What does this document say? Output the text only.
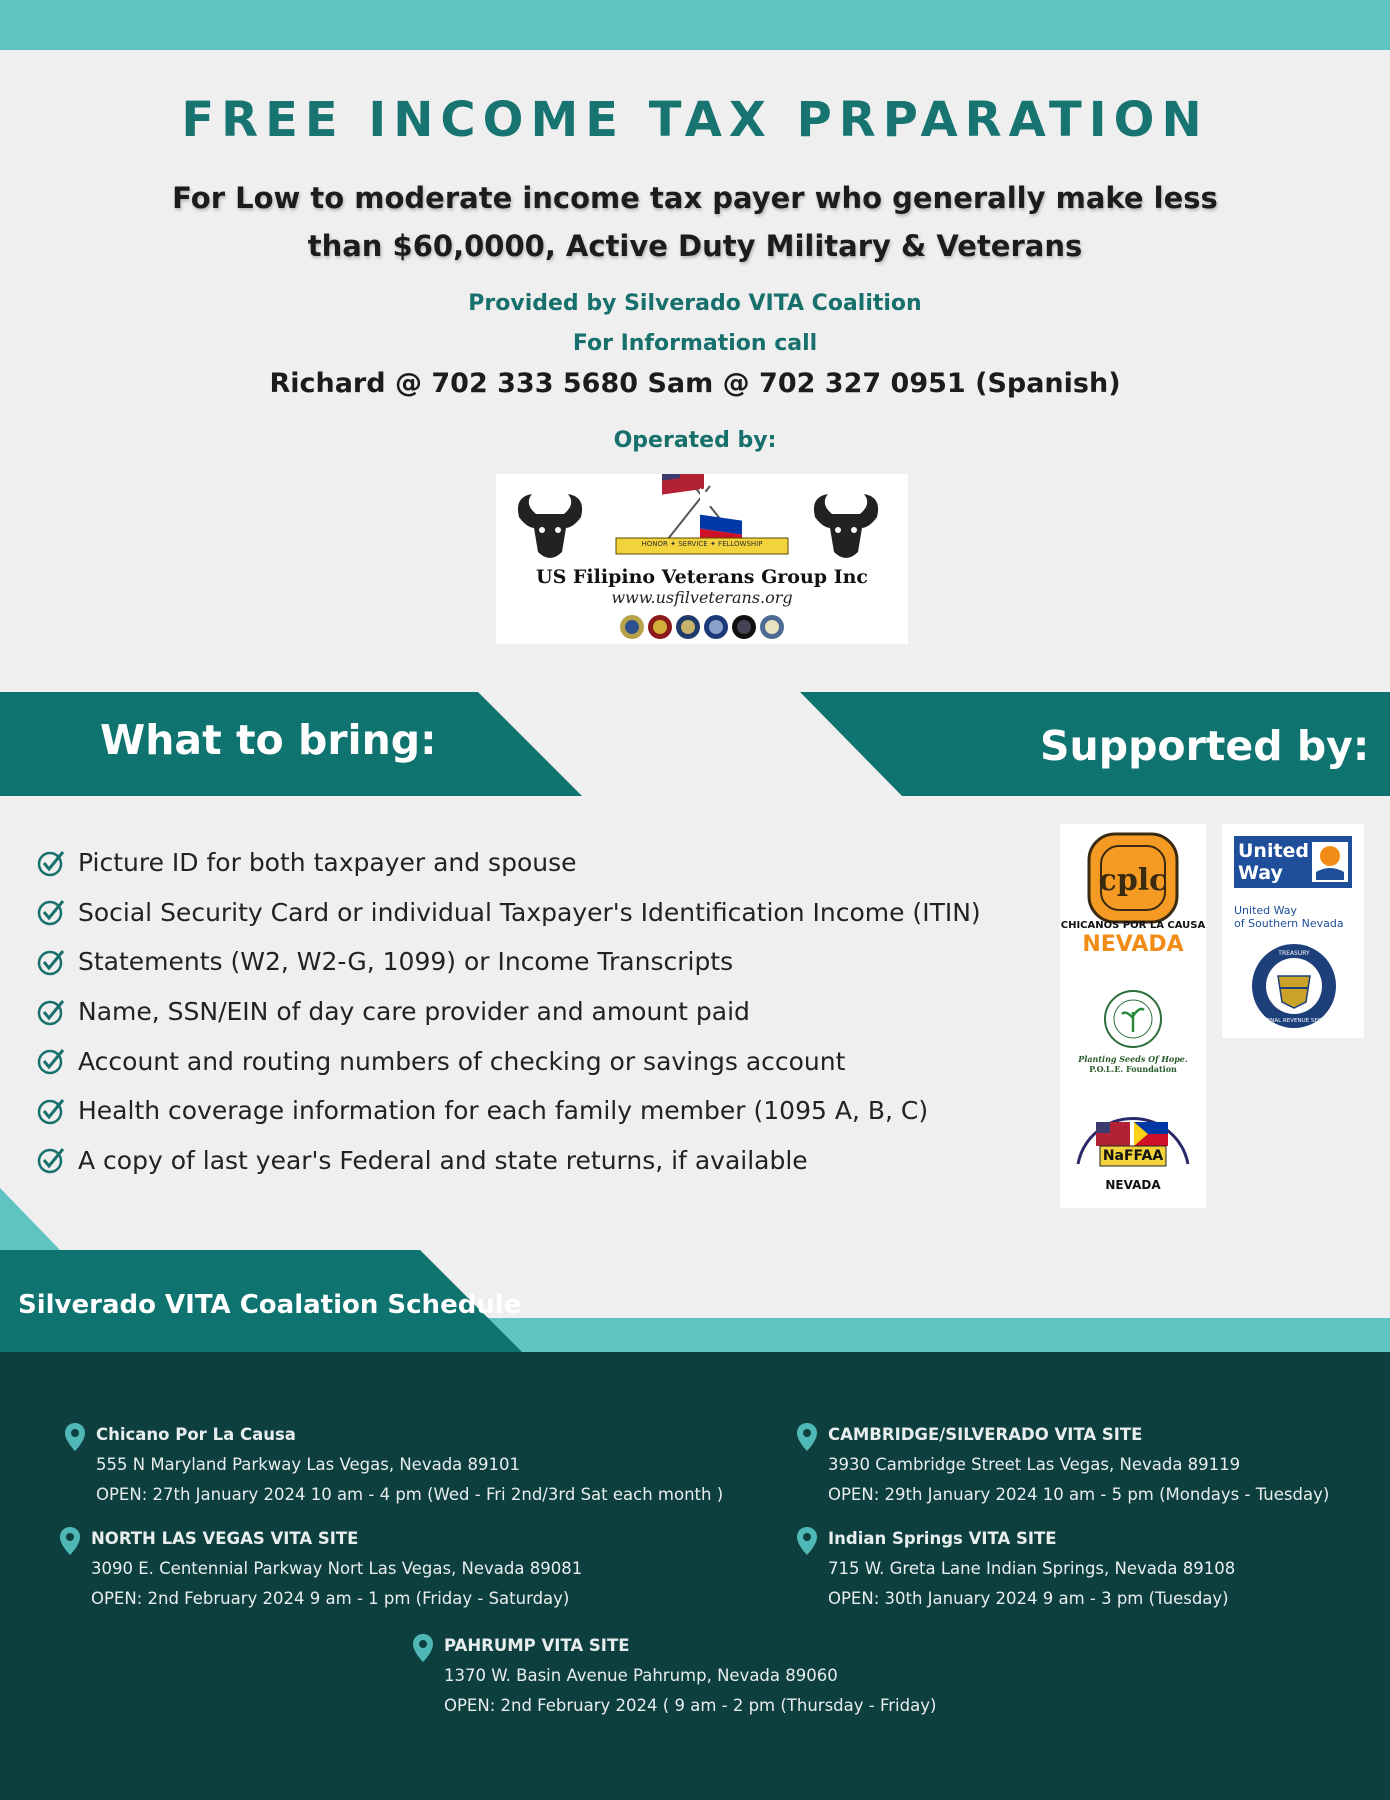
FREE INCOME TAX PRPARATION
For Low to moderate income tax payer who generally make less
than $60,0000, Active Duty Military & Veterans
Provided by Silverado VITA Coalition
For Information call
Richard @ 702 333 5680 Sam @ 702 327 0951 (Spanish)
Operated by:
HONOR ✦ SERVICE ✦ FELLOWSHIP
US Filipino Veterans Group Inc
www.usfilveterans.org
What to bring:	Supported by:
Picture ID for both taxpayer and spouse
Social Security Card or individual Taxpayer's Identification Income (ITIN)
Statements (W2, W2-G, 1099) or Income Transcripts
Name, SSN/EIN of day care provider and amount paid
Account and routing numbers of checking or savings account
Health coverage information for each family member (1095 A, B, C)
A copy of last year's Federal and state returns, if available
cplc
CHICANOS POR LA CAUSA
NEVADA
Planting Seeds Of Hope.
P.O.L.E. Foundation
NaFFAA
NEVADA
United Way
United Way
of Southern Nevada
TREASURY
INTERNAL REVENUE SERVICE
Silverado VITA Coalation Schedule
Chicano Por La Causa
555 N Maryland Parkway Las Vegas, Nevada 89101
OPEN: 27th January 2024 10 am - 4 pm (Wed - Fri 2nd/3rd Sat each month )
CAMBRIDGE/SILVERADO VITA SITE
3930 Cambridge Street Las Vegas, Nevada 89119
OPEN: 29th January 2024 10 am - 5 pm (Mondays - Tuesday)
NORTH LAS VEGAS VITA SITE
3090 E. Centennial Parkway Nort Las Vegas, Nevada 89081
OPEN: 2nd February 2024 9 am - 1 pm (Friday - Saturday)
Indian Springs VITA SITE
715 W. Greta Lane Indian Springs, Nevada 89108
OPEN: 30th January 2024 9 am - 3 pm (Tuesday)
PAHRUMP VITA SITE
1370 W. Basin Avenue Pahrump, Nevada 89060
OPEN: 2nd February 2024 ( 9 am - 2 pm (Thursday - Friday)
